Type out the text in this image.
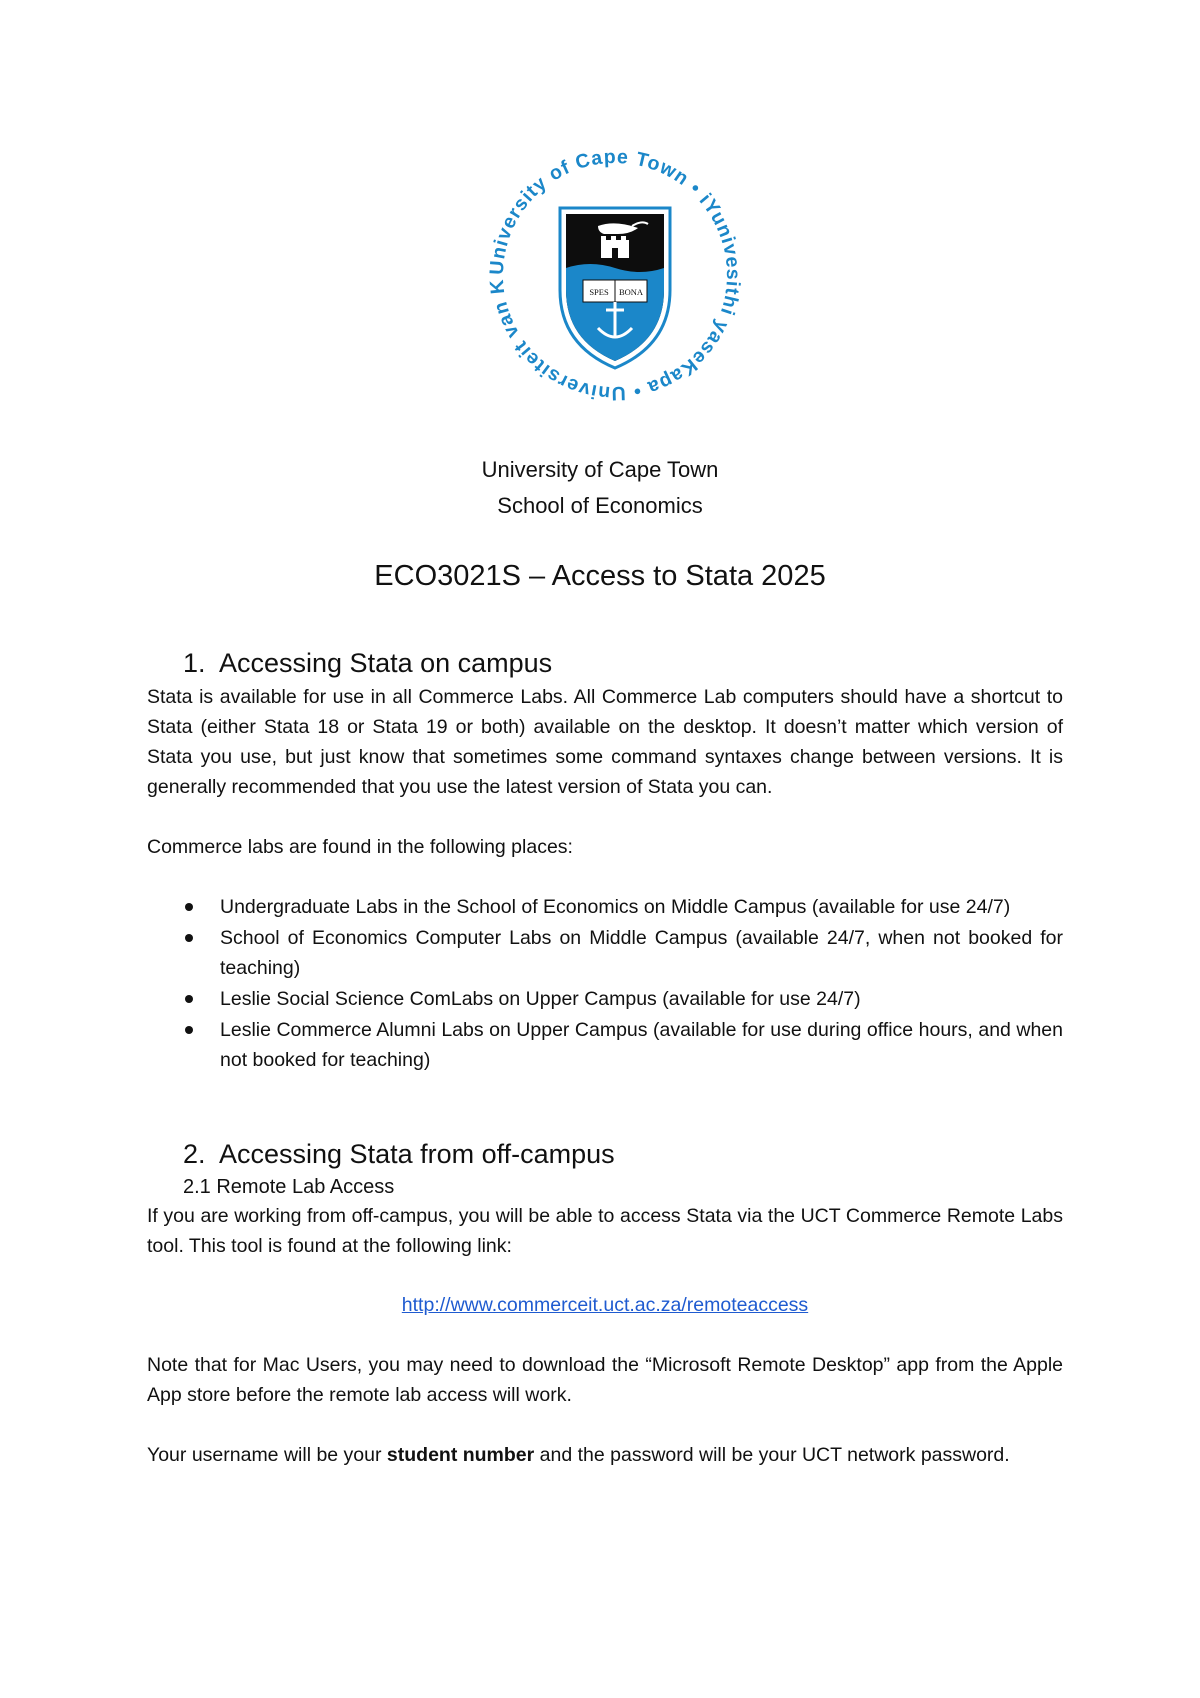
University of Cape Town • iYunivesithi yaseKapa • Universiteit van K	SPES BONA
University of Cape Town
School of Economics
ECO3021S – Access to Stata 2025
1. Accessing Stata on campus

Stata is available for use in all Commerce Labs. All Commerce Lab computers should have a shortcut to Stata (either Stata 18 or Stata 19 or both) available on the desktop. It doesn’t matter which version of Stata you use, but just know that sometimes some command syntaxes change between versions. It is generally recommended that you use the latest version of Stata you can.

Commerce labs are found in the following places:

Undergraduate Labs in the School of Economics on Middle Campus (available for use 24/7)
School of Economics Computer Labs on Middle Campus (available 24/7, when not booked for teaching)
Leslie Social Science ComLabs on Upper Campus (available for use 24/7)
Leslie Commerce Alumni Labs on Upper Campus (available for use during office hours, and when not booked for teaching)
2. Accessing Stata from off-campus
2.1 Remote Lab Access

If you are working from off-campus, you will be able to access Stata via the UCT Commerce Remote Labs tool. This tool is found at the following link:

http://www.commerceit.uct.ac.za/remoteaccess

Note that for Mac Users, you may need to download the “Microsoft Remote Desktop” app from the Apple App store before the remote lab access will work.

Your username will be your student number and the password will be your UCT network password.
